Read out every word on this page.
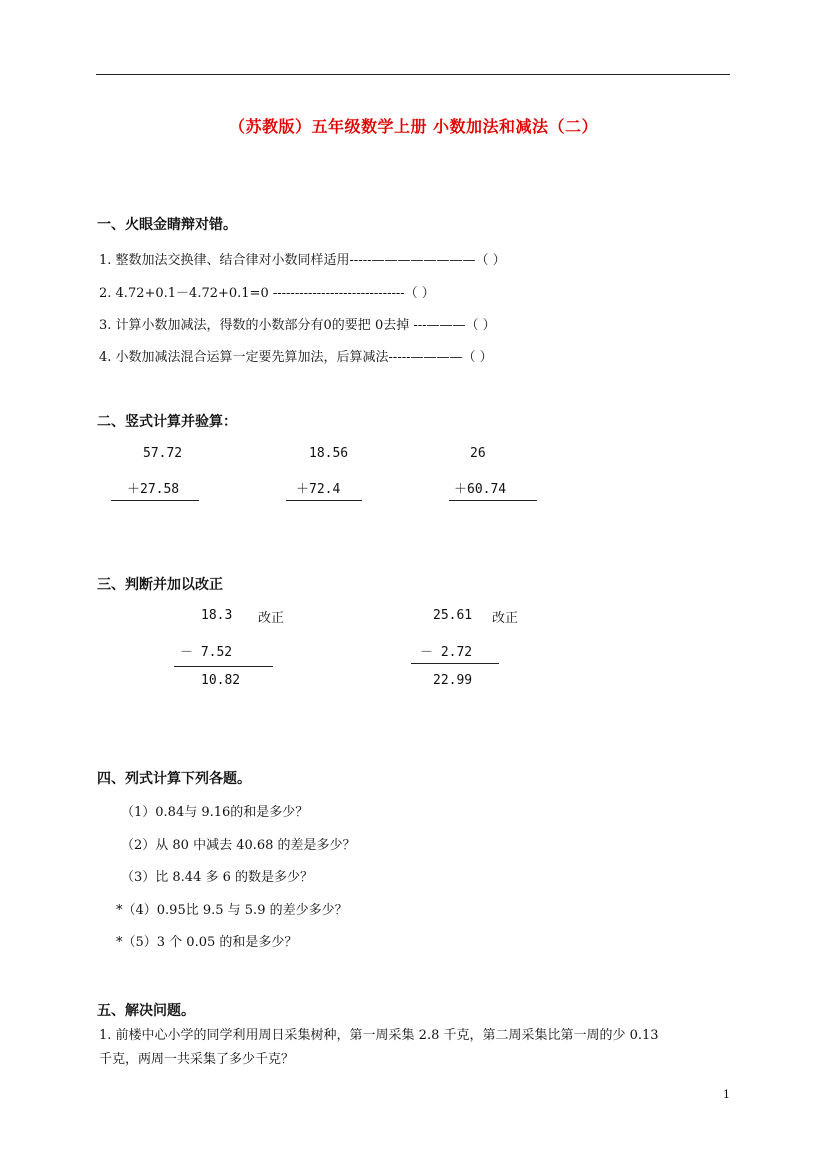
（苏教版）五年级数学上册 小数加法和减法（二）
一、火眼金睛辩对错。
1. 整数加法交换律、结合律对小数同样适用-----————————（ ）
2. 4.72+0.1－4.72+0.1=0 ------------------------------（ ）
3. 计算小数加减法，得数的小数部分有0的要把 0去掉 ---———（ ）
4. 小数加减法混合运算一定要先算加法，后算减法-----————（ ）
二、竖式计算并验算：
57.72
＋27.58
18.56
＋72.4
26
＋60.74
三、判断并加以改正
18.3 改正
－ 7.52
10.82
25.61 改正
－ 2.72
22.99
四、列式计算下列各题。
（1）0.84与 9.16的和是多少？
（2）从 80 中减去 40.68 的差是多少？
（3）比 8.44 多 6 的数是多少？
*（4）0.95比 9.5 与 5.9 的差少多少？
*（5）3 个 0.05 的和是多少？
五、解决问题。
1. 前楼中心小学的同学利用周日采集树种，第一周采集 2.8 千克，第二周采集比第一周的少 0.13
千克，两周一共采集了多少千克？
1
